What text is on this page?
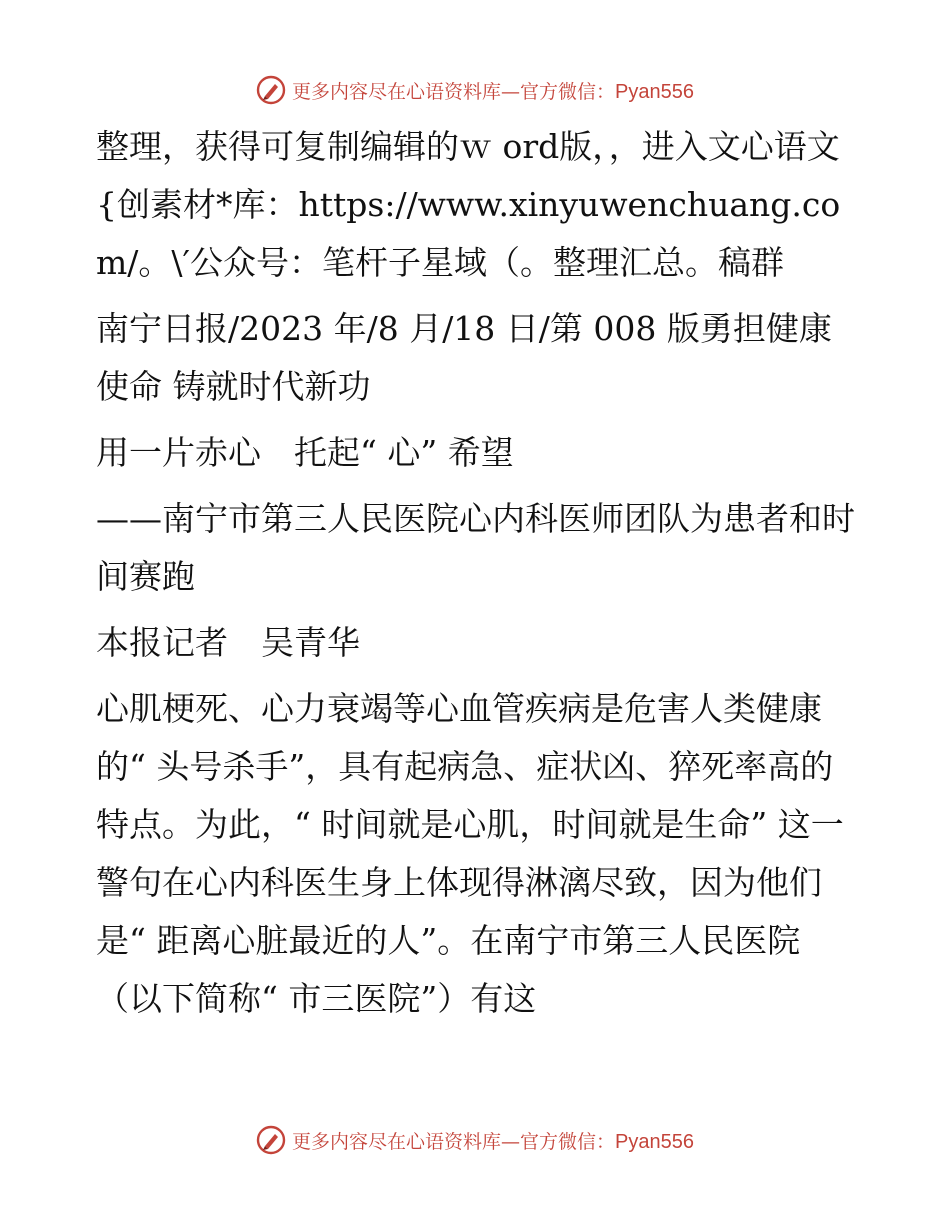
更多内容尽在心语资料库—官方微信：Pyan556

整理，获得可复制编辑的ｗ ord版，，进入文心语文{创素材*库：https://www.xinyuwenchuang.com/。\′公众号：笔杆子星域（。整理汇总。稿群

南宁日报/2023 年/8 月/18 日/第 008 版勇担健康使命 铸就时代新功

用一片赤心　托起“ 心” 希望

——南宁市第三人民医院心内科医师团队为患者和时间赛跑

本报记者　吴青华

心肌梗死、心力衰竭等心血管疾病是危害人类健康的“ 头号杀手”，具有起病急、症状凶、猝死率高的特点。为此，“ 时间就是心肌，时间就是生命” 这一警句在心内科医生身上体现得淋漓尽致，因为他们是“ 距离心脏最近的人”。在南宁市第三人民医院（以下简称“ 市三医院”）有这

更多内容尽在心语资料库—官方微信：Pyan556
